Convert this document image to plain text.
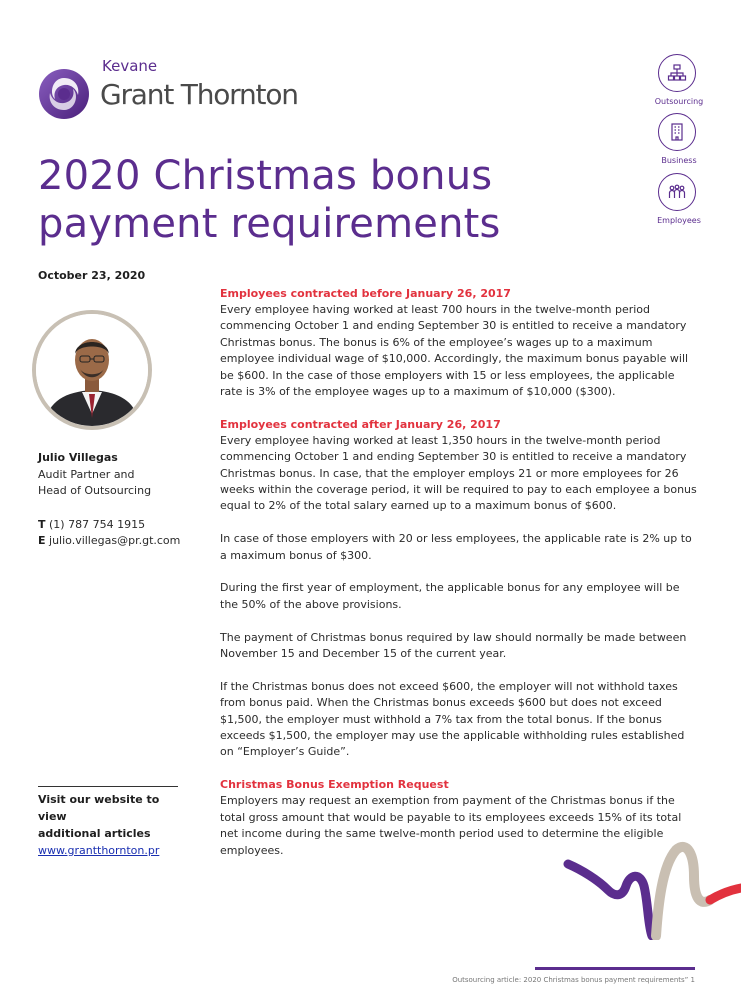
Kevane
Grant Thornton	Outsourcing
Business
Employees
2020 Christmas bonus
payment requirements
October 23, 2020
Julio Villegas
Audit Partner and
Head of Outsourcing
T (1) 787 754 1915
E julio.villegas@pr.gt.com
Visit our website to view
additional articles
www.grantthornton.pr
Employees contracted before January 26, 2017

Every employee having worked at least 700 hours in the twelve-month period commencing October 1 and ending September 30 is entitled to receive a mandatory Christmas bonus. The bonus is 6% of the employee’s wages up to a maximum employee individual wage of $10,000. Accordingly, the maximum bonus payable will be $600. In the case of those employers with 15 or less employees, the applicable rate is 3% of the employee wages up to a maximum of $10,000 ($300).

Employees contracted after January 26, 2017

Every employee having worked at least 1,350 hours in the twelve-month period commencing October 1 and ending September 30 is entitled to receive a mandatory Christmas bonus. In case, that the employer employs 21 or more employees for 26 weeks within the coverage period, it will be required to pay to each employee a bonus equal to 2% of the total salary earned up to a maximum bonus of $600.

In case of those employers with 20 or less employees, the applicable rate is 2% up to a maximum bonus of $300.

During the first year of employment, the applicable bonus for any employee will be the 50% of the above provisions.

The payment of Christmas bonus required by law should normally be made between November 15 and December 15 of the current year.

If the Christmas bonus does not exceed $600, the employer will not withhold taxes from bonus paid. When the Christmas bonus exceeds $600 but does not exceed $1,500, the employer must withhold a 7% tax from the total bonus. If the bonus exceeds $1,500, the employer may use the applicable withholding rules established on “Employer’s Guide”.

Christmas Bonus Exemption Request

Employers may request an exemption from payment of the Christmas bonus if the total gross amount that would be payable to its employees exceeds 15% of its total net income during the same twelve-month period used to determine the eligible employees.

Outsourcing article: 2020 Christmas bonus payment requirements” 1
